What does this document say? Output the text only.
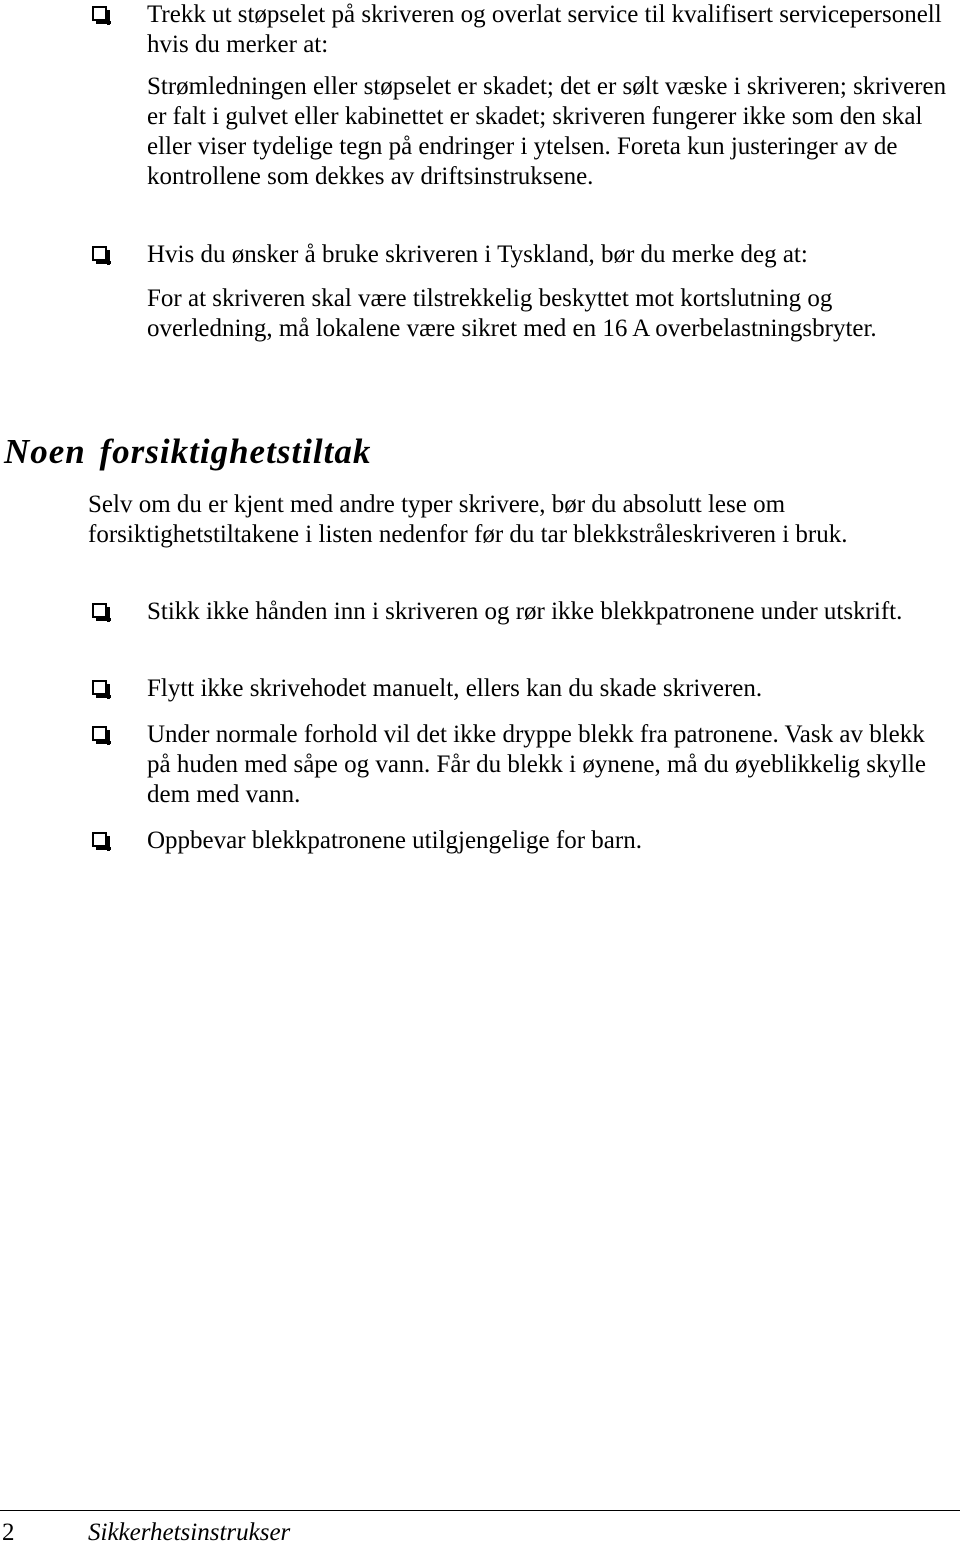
Trekk ut støpselet på skriveren og overlat service til kvalifisert servicepersonell hvis du merker at:

Strømledningen eller støpselet er skadet; det er sølt væske i skriveren; skriveren er falt i gulvet eller kabinettet er skadet; skriveren fungerer ikke som den skal eller viser tydelige tegn på endringer i ytelsen. Foreta kun justeringer av de kontrollene som dekkes av driftsinstruksene.

Hvis du ønsker å bruke skriveren i Tyskland, bør du merke deg at:

For at skriveren skal være tilstrekkelig beskyttet mot kortslutning og overledning, må lokalene være sikret med en 16 A overbelastningsbryter.

Noen forsiktighetstiltak

Selv om du er kjent med andre typer skrivere, bør du absolutt lese om forsiktighetstiltakene i listen nedenfor før du tar blekkstråleskriveren i bruk.

Stikk ikke hånden inn i skriveren og rør ikke blekkpatronene under utskrift.

Flytt ikke skrivehodet manuelt, ellers kan du skade skriveren.

Under normale forhold vil det ikke dryppe blekk fra patronene. Vask av blekk på huden med såpe og vann. Får du blekk i øynene, må du øyeblikkelig skylle dem med vann.

Oppbevar blekkpatronene utilgjengelige for barn.

2	Sikkerhetsinstrukser
